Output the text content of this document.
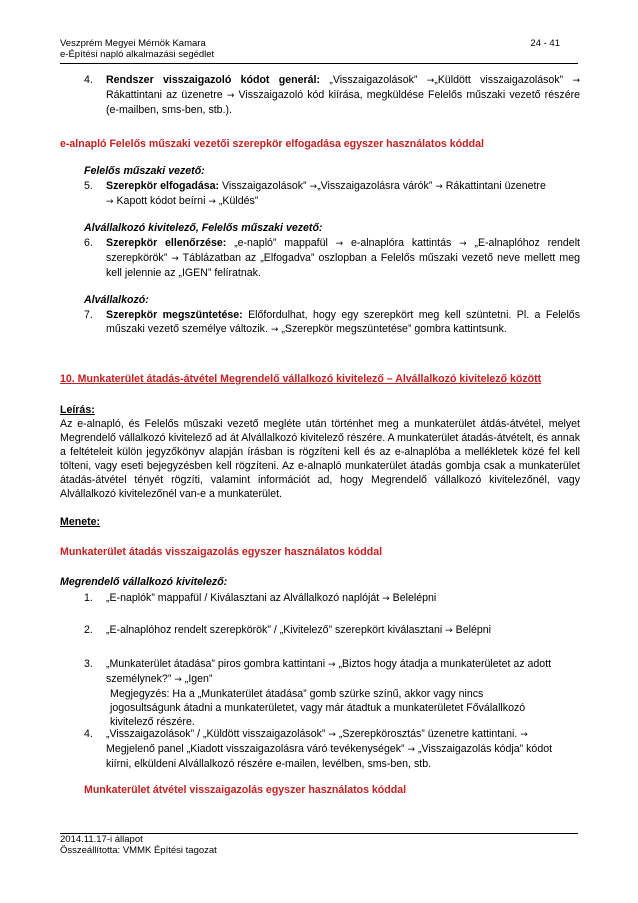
Veszprém Megyei Mérnök Kamara
e-Építési napló alkalmazási segédlet
24 - 41
4. Rendszer visszaigazoló kódot generál: „Visszaigazolások” →„Küldött visszaigazolások” → Rákattintani az üzenetre → Visszaigazoló kód kiírása, megküldése Felelős műszaki vezető részére (e-mailben, sms-ben, stb.).

e-alnapló Felelős műszaki vezetői szerepkör elfogadása egyszer használatos kóddal
Felelős műszaki vezető:
5. Szerepkör elfogadása: Visszaigazolások” →„Visszaigazolásra várók” → Rákattintani üzenetre
→ Kapott kódot beírni → „Küldés”

Alvállalkozó kivitelező, Felelős műszaki vezető:
6. Szerepkör ellenőrzése: „e-napló” mappafül → e-alnaplóra kattintás → „E-alnaplóhoz rendelt szerepkörök” → Táblázatban az „Elfogadva” oszlopban a Felelős műszaki vezető neve mellett meg kell jelennie az „IGEN” felíratnak.

Alvállalkozó:
7. Szerepkör megszüntetése: Előfordulhat, hogy egy szerepkört meg kell szüntetni. Pl. a Felelős műszaki vezető személye változik. → „Szerepkör megszüntetése” gombra kattintsunk.

10. Munkaterület átadás-átvétel Megrendelő vállalkozó kivitelező – Alvállalkozó kivitelező között
Leírás:
Az e-alnapló, és Felelős műszaki vezető megléte után történhet meg a munkaterület átdás-átvétel, melyet Megrendelő vállalkozó kivitelező ad át Alvállalkozó kivitelező részére. A munkaterület átadás-átvételt, és annak a feltételeit külön jegyzőkönyv alapján írásban is rögzíteni kell és az e-alnaplóba a mellékletek közé fel kell tölteni, vagy eseti bejegyzésben kell rögzíteni. Az e-alnapló munkaterület átadás gombja csak a munkaterület átadás-átvétel tényét rögzíti, valamint információt ad, hogy Megrendelő vállalkozó kivitelezőnél, vagy Alvállalkozó kivitelezőnél van-e a munkaterület.
Menete:
Munkaterület átadás visszaigazolás egyszer használatos kóddal
Megrendelő vállalkozó kivitelező:
1. „E-naplók” mappafül / Kiválasztani az Alvállalkozó naplóját → Belelépni

2. „E-alnaplóhoz rendelt szerepkörök” / „Kivitelező” szerepkört kiválasztani → Belépni

3. „Munkaterület átadása” piros gombra kattintani → „Biztos hogy átadja a munkaterületet az adott személynek?” → „Igen”

Megjegyzés: Ha a „Munkaterület átadása” gomb szürke színű, akkor vagy nincs jogosultságunk átadni a munkaterületet, vagy már átadtuk a munkaterületet Főválallkozó kivitelező részére.

4. „Visszaigazolások” / „Küldött visszaigazolások” → „Szerepkörosztás” üzenetre kattintani. → Megjelenő panel „Kiadott visszaigazolásra váró tevékenységek” → „Visszaigazolás kódja” kódot kiírni, elküldeni Alvállalkozó részére e-mailen, levélben, sms-ben, stb.

Munkaterület átvétel visszaigazolás egyszer használatos kóddal
2014.11.17-i állapot
Összeállította: VMMK Építési tagozat
